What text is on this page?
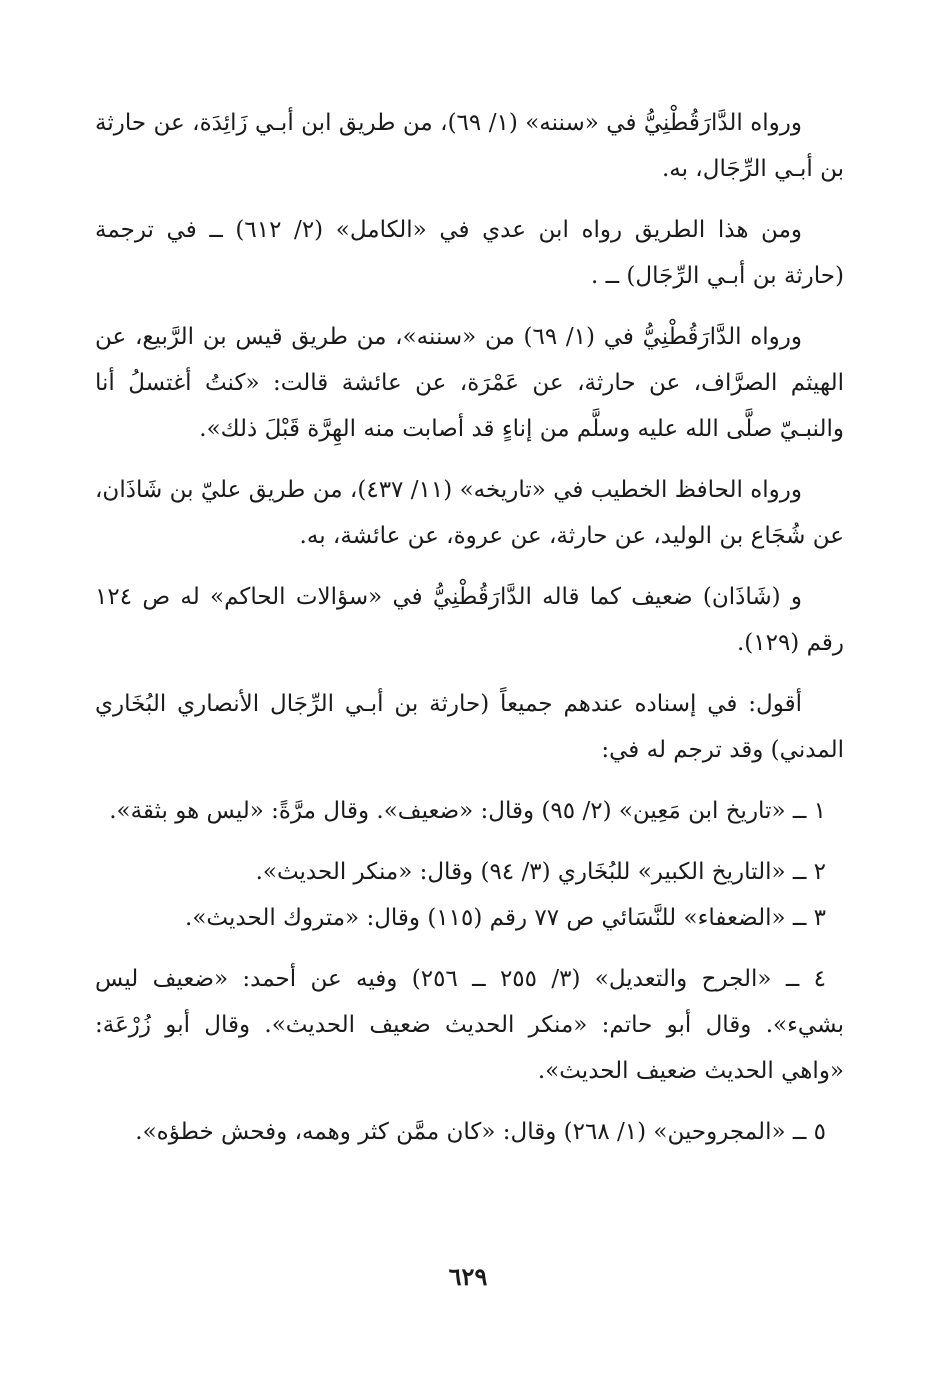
ورواه الدَّارَقُطْنِيُّ في «سننه» (١/ ٦٩)، من طريق ابن أبـي زَائِدَة، عن حارثة بن أبـي الرِّجَال، به.

ومن هذا الطريق رواه ابن عدي في «الكامل» (٢/ ٦١٢) ــ في ترجمة (حارثة بن أبـي الرِّجَال) ــ .

ورواه الدَّارَقُطْنِيُّ في (١/ ٦٩) من «سننه»، من طريق قيس بن الرَّبيع، عن الهيثم الصرَّاف، عن حارثة، عن عَمْرَة، عن عائشة قالت: «كنتُ أغتسلُ أنا والنبـيّ صلَّى الله عليه وسلَّم من إناءٍ قد أصابت منه الهِرَّة قَبْلَ ذلك».

ورواه الحافظ الخطيب في «تاريخه» (١١/ ٤٣٧)، من طريق عليّ بن شَاذَان، عن شُجَاع بن الوليد، عن حارثة، عن عروة، عن عائشة، به.

و (شَاذَان) ضعيف كما قاله الدَّارَقُطْنِيُّ في «سؤالات الحاكم» له ص ١٢٤ رقم (١٢٩).

أقول: في إسناده عندهم جميعاً (حارثة بن أبـي الرِّجَال الأنصاري البُخَاري المدني) وقد ترجم له في:

١ ــ «تاريخ ابن مَعِين» (٢/ ٩٥) وقال: «ضعيف». وقال مرَّةً: «ليس هو بثقة».

٢ ــ «التاريخ الكبير» للبُخَاري (٣/ ٩٤) وقال: «منكر الحديث».

٣ ــ «الضعفاء» للنَّسَائي ص ٧٧ رقم (١١٥) وقال: «متروك الحديث».

٤ ــ «الجرح والتعديل» (٣/ ٢٥٥ ــ ٢٥٦) وفيه عن أحمد: «ضعيف ليس بشيء». وقال أبو حاتم: «منكر الحديث ضعيف الحديث». وقال أبو زُرْعَة: «واهي الحديث ضعيف الحديث».

٥ ــ «المجروحين» (١/ ٢٦٨) وقال: «كان ممَّن كثر وهمه، وفحش خطؤه».

٦٢٩
